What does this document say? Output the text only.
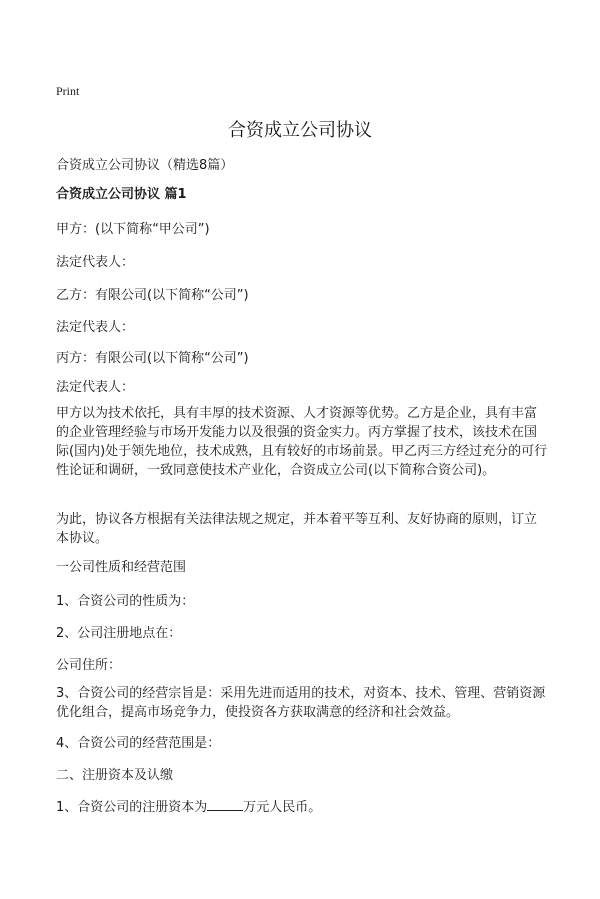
Print
合资成立公司协议
合资成立公司协议（精选8篇）
合资成立公司协议 篇1
甲方：(以下简称“甲公司”)
法定代表人：
乙方：有限公司(以下简称“公司”)
法定代表人：
丙方：有限公司(以下简称“公司”)
法定代表人：
甲方以为技术依托，具有丰厚的技术资源、人才资源等优势。乙方是企业，具有丰富的企业管理经验与市场开发能力以及很强的资金实力。丙方掌握了技术，该技术在国际(国内)处于领先地位，技术成熟，且有较好的市场前景。甲乙丙三方经过充分的可行性论证和调研，一致同意使技术产业化，合资成立公司(以下简称合资公司)。
为此，协议各方根据有关法律法规之规定，并本着平等互利、友好协商的原则，订立本协议。
一公司性质和经营范围
1、合资公司的性质为：
2、公司注册地点在：
公司住所：
3、合资公司的经营宗旨是：采用先进而适用的技术，对资本、技术、管理、营销资源优化组合，提高市场竞争力，使投资各方获取满意的经济和社会效益。
4、合资公司的经营范围是：
二、注册资本及认缴
1、合资公司的注册资本为	万元人民币。
